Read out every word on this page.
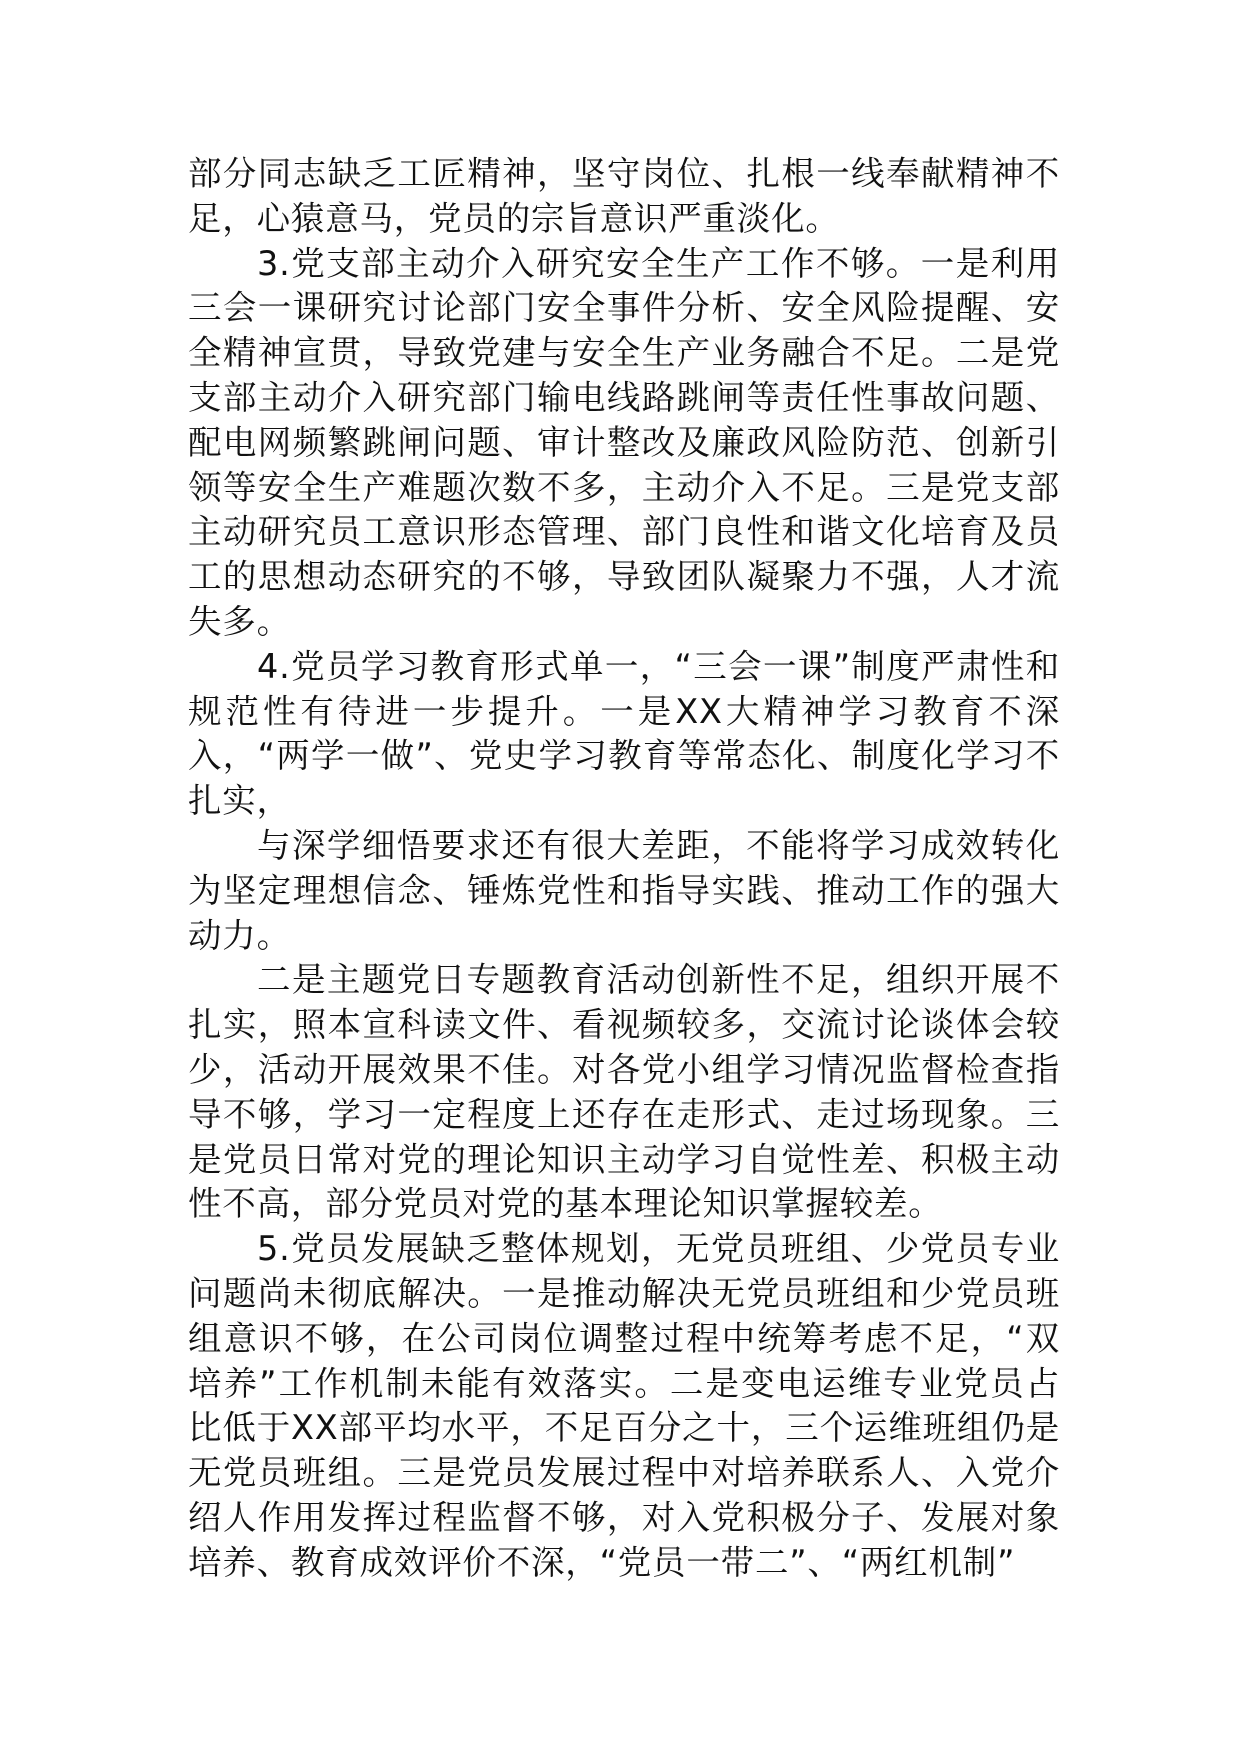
部分同志缺乏工匠精神，坚守岗位、扎根一线奉献精神不足，心猿意马，党员的宗旨意识严重淡化。

3.党支部主动介入研究安全生产工作不够。一是利用三会一课研究讨论部门安全事件分析、安全风险提醒、安全精神宣贯，导致党建与安全生产业务融合不足。二是党支部主动介入研究部门输电线路跳闸等责任性事故问题、配电网频繁跳闸问题、审计整改及廉政风险防范、创新引领等安全生产难题次数不多，主动介入不足。三是党支部主动研究员工意识形态管理、部门良性和谐文化培育及员工的思想动态研究的不够，导致团队凝聚力不强，人才流失多。

4.党员学习教育形式单一，“三会一课”制度严肃性和规范性有待进一步提升。一是XX大精神学习教育不深入，“两学一做”、党史学习教育等常态化、制度化学习不扎实，

与深学细悟要求还有很大差距，不能将学习成效转化为坚定理想信念、锤炼党性和指导实践、推动工作的强大动力。

二是主题党日专题教育活动创新性不足，组织开展不扎实，照本宣科读文件、看视频较多，交流讨论谈体会较少，活动开展效果不佳。对各党小组学习情况监督检查指导不够，学习一定程度上还存在走形式、走过场现象。三是党员日常对党的理论知识主动学习自觉性差、积极主动性不高，部分党员对党的基本理论知识掌握较差。

5.党员发展缺乏整体规划，无党员班组、少党员专业问题尚未彻底解决。一是推动解决无党员班组和少党员班组意识不够，在公司岗位调整过程中统筹考虑不足，“双培养”工作机制未能有效落实。二是变电运维专业党员占比低于XX部平均水平，不足百分之十，三个运维班组仍是无党员班组。三是党员发展过程中对培养联系人、入党介绍人作用发挥过程监督不够，对入党积极分子、发展对象培养、教育成效评价不深，“党员一带二”、“两红机制”
